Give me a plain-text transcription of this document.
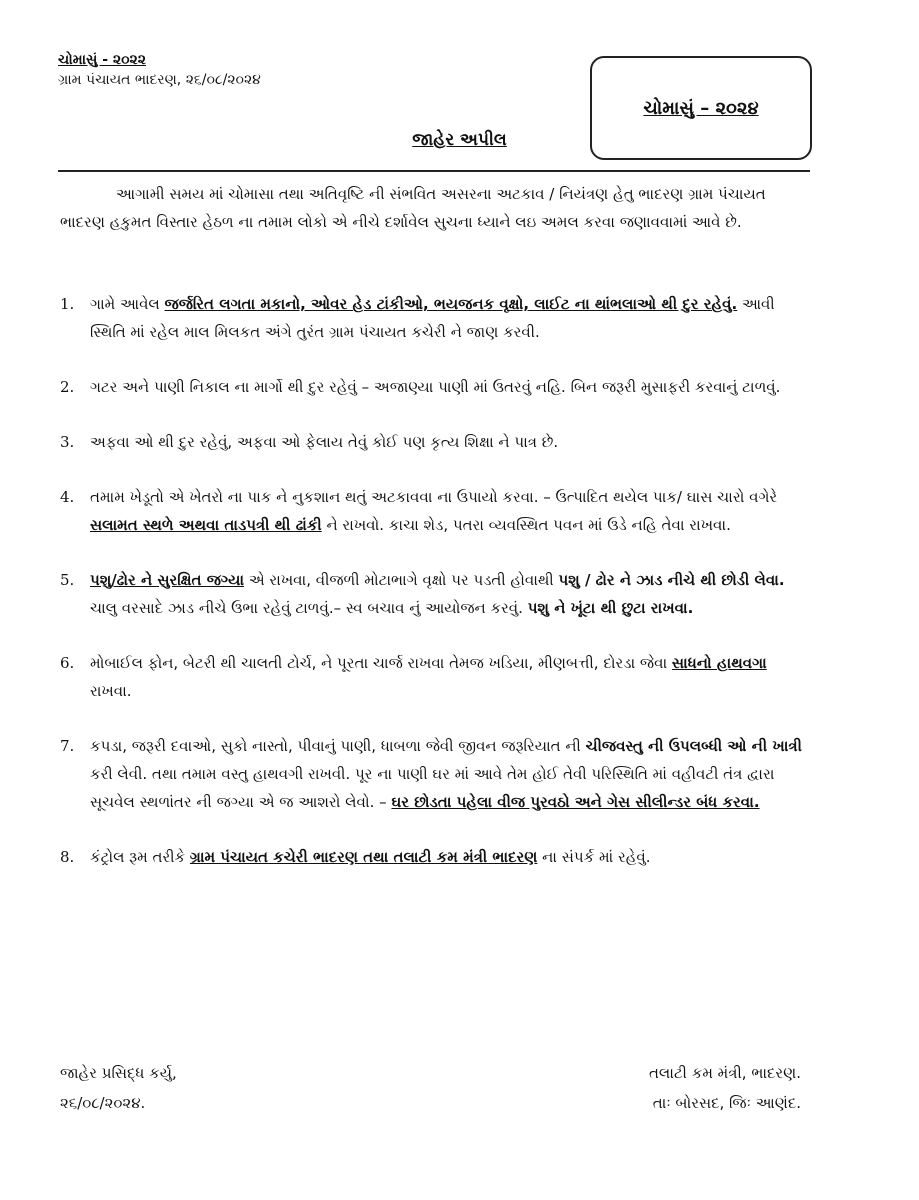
ચોમાસું - ૨૦૨૨
ગ્રામ પંચાયત ભાદરણ, ૨૬/૦૮/૨૦૨૪
ચોમાસું – ૨૦૨૪
જાહેર અપીલ
આગામી સમય માં ચોમાસા તથા અતિવૃષ્ટિ ની સંભવિત અસરના અટકાવ / નિયંત્રણ હેતુ ભાદરણ ગ્રામ પંચાયત ભાદરણ હકુમત વિસ્તાર હેઠળ ના તમામ લોકો એ નીચે દર્શાવેલ સુચના ધ્યાને લઇ અમલ કરવા જણાવવામાં આવે છે.
1.	ગામે આવેલ જર્જરિત લગતા મકાનો, ઓવર હેડ ટાંકીઓ, ભયજનક વૃક્ષો, લાઈટ ના થાંભલાઓ થી દુર રહેવું. આવી સ્થિતિ માં રહેલ માલ મિલકત અંગે તુરંત ગ્રામ પંચાયત કચેરી ને જાણ કરવી.
2.	ગટર અને પાણી નિકાલ ના માર્ગો થી દુર રહેવું – અજાણ્યા પાણી માં ઉતરવું નહિ. બિન જરૂરી મુસાફરી કરવાનું ટાળવું.
3.	અફવા ઓ થી દુર રહેવું, અફવા ઓ ફેલાય તેવું કોઈ પણ કૃત્ય શિક્ષા ને પાત્ર છે.
4.	તમામ ખેડૂતો એ ખેતરો ના પાક ને નુકશાન થતું અટકાવવા ના ઉપાયો કરવા. – ઉત્પાદિત થયેલ પાક/ ઘાસ ચારો વગેરે સલામત સ્થળે અથવા તાડપત્રી થી ઢાંકી ને રાખવો. કાચા શેડ, પતરા વ્યવસ્થિત પવન માં ઉડે નહિ તેવા રાખવા.
5.	પશુ/ઢોર ને સુરક્ષિત જગ્યા એ રાખવા, વીજળી મોટાભાગે વૃક્ષો પર પડતી હોવાથી પશુ / ઢોર ને ઝાડ નીચે થી છોડી લેવા. ચાલુ વરસાદે ઝાડ નીચે ઉભા રહેવું ટાળવું.– સ્વ બચાવ નું આયોજન કરવું. પશુ ને ખૂંટા થી છુટા રાખવા.
6.	મોબાઈલ ફોન, બેટરી થી ચાલતી ટોર્ચ, ને પૂરતા ચાર્જ રાખવા તેમજ ખડિયા, મીણબત્તી, દોરડા જેવા સાધનો હાથવગા રાખવા.
7.	કપડા, જરૂરી દવાઓ, સુકો નાસ્તો, પીવાનું પાણી, ધાબળા જેવી જીવન જરૂરિયાત ની ચીજવસ્તુ ની ઉપલબ્ધી ઓ ની ખાત્રી કરી લેવી. તથા તમામ વસ્તુ હાથવગી રાખવી. પૂર ના પાણી ઘર માં આવે તેમ હોઈ તેવી પરિસ્થિતિ માં વહીવટી તંત્ર દ્વારા સૂચવેલ સ્થળાંતર ની જગ્યા એ જ આશરો લેવો. – ઘર છોડતા પહેલા વીજ પુરવઠો અને ગેસ સીલીન્ડર બંધ કરવા.
8.	કંટ્રોલ રૂમ તરીકે ગ્રામ પંચાયત કચેરી ભાદરણ તથા તલાટી કમ મંત્રી ભાદરણ ના સંપર્ક માં રહેવું.
જાહેર પ્રસિદ્ધ કર્યુ,
૨૬/૦૮/૨૦૨૪.
તલાટી કમ મંત્રી, ભાદરણ.
તાઃ બોરસદ, જિઃ આણંદ.
